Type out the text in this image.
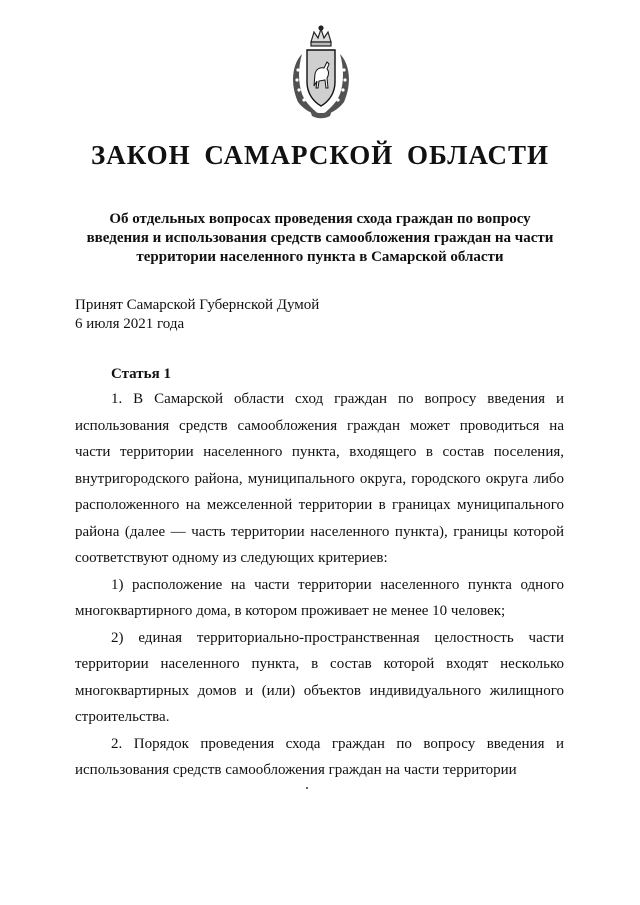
ЗАКОН САМАРСКОЙ ОБЛАСТИ
Об отдельных вопросах проведения схода граждан по вопросу
введения и использования средств самообложения граждан на части
территории населенного пункта в Самарской области
Принят Самарской Губернской Думой
6 июля 2021 года
Статья 1

1. В Самарской области сход граждан по вопросу введения и использования средств самообложения граждан может проводиться на части территории населенного пункта, входящего в состав поселения, внутригородского района, муниципального округа, городского округа либо расположенного на межселенной территории в границах муниципального района (далее — часть территории населенного пункта), границы которой соответствуют одному из следующих критериев:

1) расположение на части территории населенного пункта одного многоквартирного дома, в котором проживает не менее 10 человек;

2) единая территориально-пространственная целостность части территории населенного пункта, в состав которой входят несколько многоквартирных домов и (или) объектов индивидуального жилищного строительства.

2. Порядок проведения схода граждан по вопросу введения и использования средств самообложения граждан на части территории
